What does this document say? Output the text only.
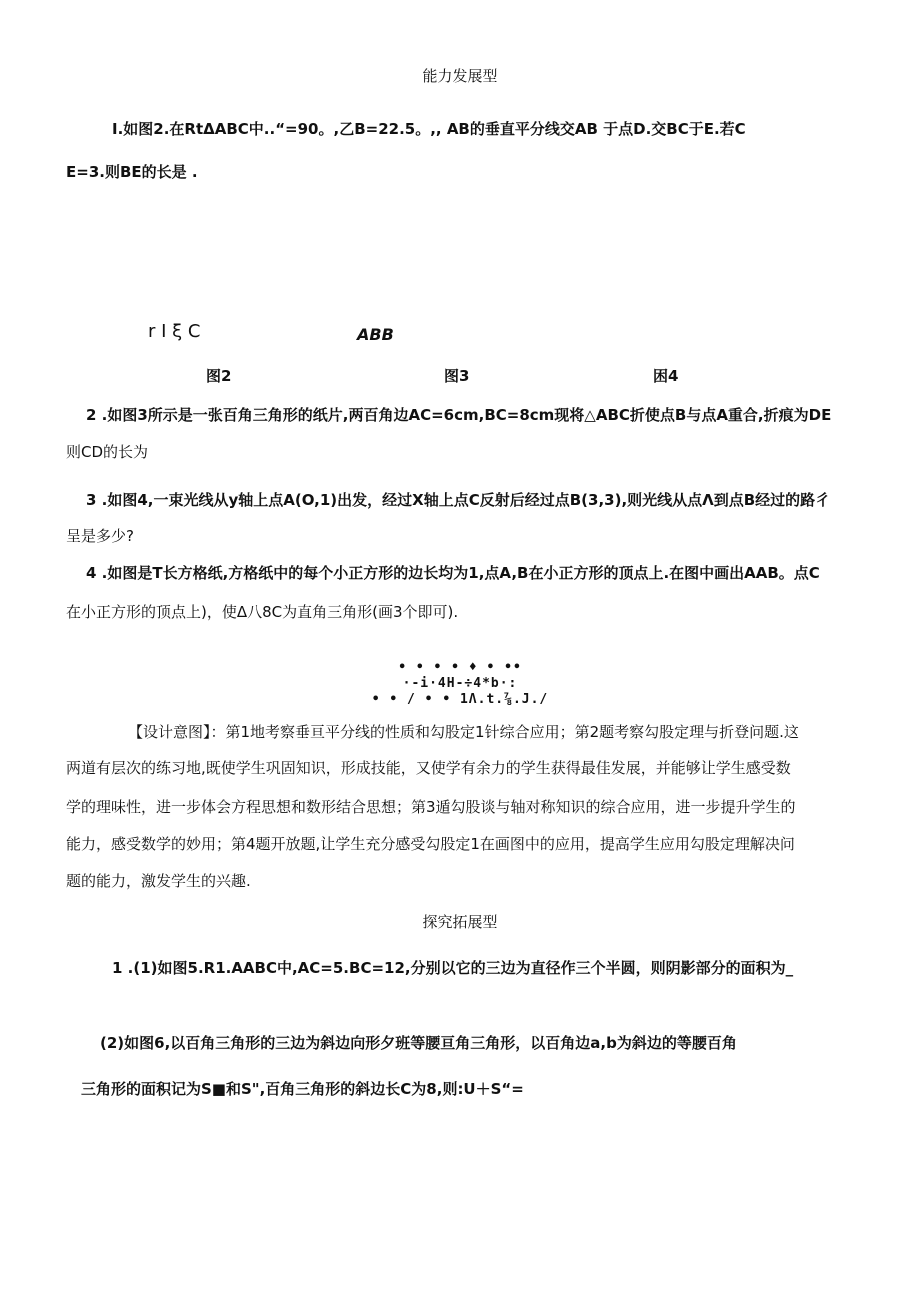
能力发展型
I.如图2.在RtΔABC中..“=90。,乙B=22.5。,, AB的垂直平分线交AB 于点D.交BC于E.若C
E=3.则BE的长是 .
r I ξ C	ABB
图2	图3	困4
2 .如图3所示是一张百角三角形的纸片,两百角边AC=6cm,BC=8cm现将△ABC折使点B与点A重合,折痕为DE
则CD的长为
3 .如图4,一束光线从y轴上点A(O,1)出发，经过X轴上点C反射后经过点B(3,3),则光线从点Λ到点B经过的路彳
呈是多少?
4 .如图是T长方格纸,方格纸中的每个小正方形的边长均为1,点A,B在小正方形的顶点上.在图中画出AAB。点C
在小正方形的顶点上)，使Δ八8C为直角三角形(画3个即可).
• • • • ♦ • ••
·-i·4H-÷4*b·:
• • / • • 1Λ.t.⅞.J./
【设计意图】：第1地考察垂亘平分线的性质和勾股定1针综合应用；第2题考察勾股定理与折登问题.这
两道有层次的练习地,既使学生巩固知识，形成技能，又使学有余力的学生获得最佳发展，并能够让学生感受数
学的理味性，进一步体会方程思想和数形结合思想；第3遁勾股谈与轴对称知识的综合应用，进一步提升学生的
能力，感受数学的妙用；第4题开放题,让学生充分感受勾股定1在画图中的应用，提高学生应用勾股定理解决问
题的能力，激发学生的兴趣.
探究拓展型
1 .(1)如图5.R1.AABC中,AC=5.BC=12,分别以它的三边为直径作三个半圆，则阴影部分的面积为_
(2)如图6,以百角三角形的三边为斜边向形夕班等腰亘角三角形，以百角边a,b为斜边的等腰百角
三角形的面积记为S■和S",百角三角形的斜边长C为8,则:U＋S“=
